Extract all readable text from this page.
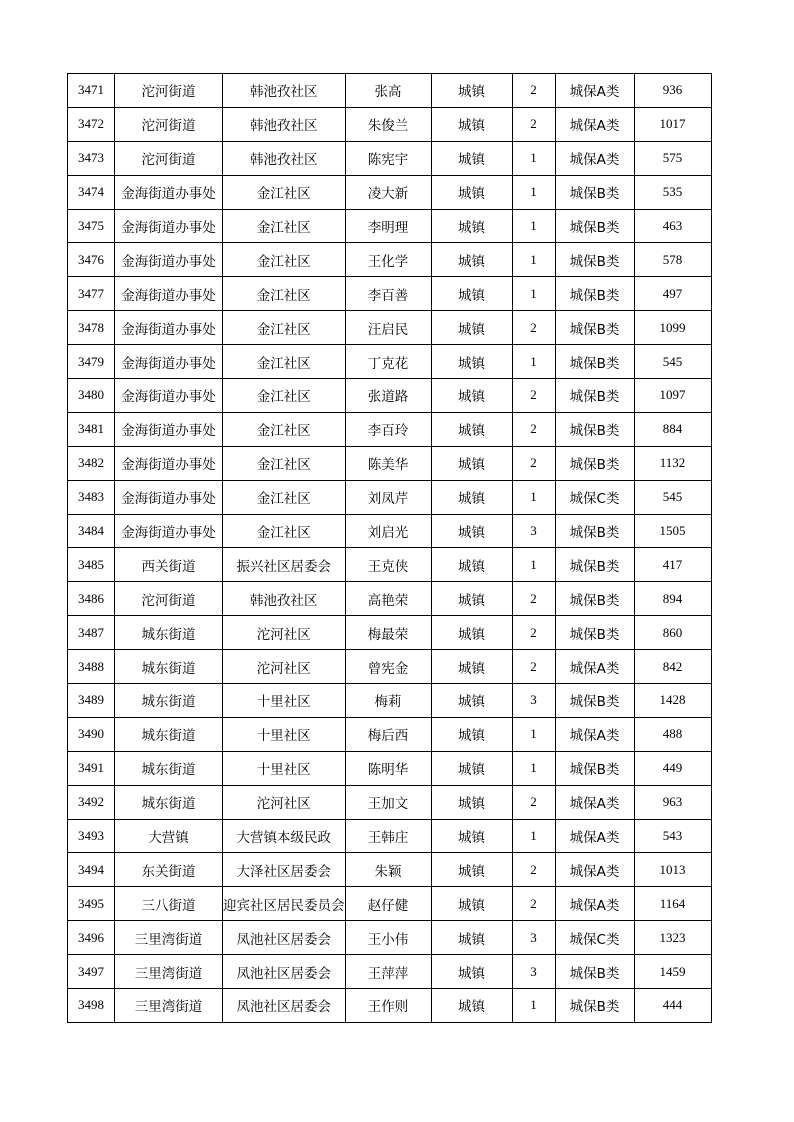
3471	沱河街道	韩池孜社区	张高	城镇	2	城保A类	936
3472	沱河街道	韩池孜社区	朱俊兰	城镇	2	城保A类	1017
3473	沱河街道	韩池孜社区	陈宪宇	城镇	1	城保A类	575
3474	金海街道办事处	金江社区	凌大新	城镇	1	城保B类	535
3475	金海街道办事处	金江社区	李明理	城镇	1	城保B类	463
3476	金海街道办事处	金江社区	王化学	城镇	1	城保B类	578
3477	金海街道办事处	金江社区	李百善	城镇	1	城保B类	497
3478	金海街道办事处	金江社区	汪启民	城镇	2	城保B类	1099
3479	金海街道办事处	金江社区	丁克花	城镇	1	城保B类	545
3480	金海街道办事处	金江社区	张道路	城镇	2	城保B类	1097
3481	金海街道办事处	金江社区	李百玲	城镇	2	城保B类	884
3482	金海街道办事处	金江社区	陈美华	城镇	2	城保B类	1132
3483	金海街道办事处	金江社区	刘凤芹	城镇	1	城保C类	545
3484	金海街道办事处	金江社区	刘启光	城镇	3	城保B类	1505
3485	西关街道	振兴社区居委会	王克侠	城镇	1	城保B类	417
3486	沱河街道	韩池孜社区	高艳荣	城镇	2	城保B类	894
3487	城东街道	沱河社区	梅最荣	城镇	2	城保B类	860
3488	城东街道	沱河社区	曾宪金	城镇	2	城保A类	842
3489	城东街道	十里社区	梅莉	城镇	3	城保B类	1428
3490	城东街道	十里社区	梅后西	城镇	1	城保A类	488
3491	城东街道	十里社区	陈明华	城镇	1	城保B类	449
3492	城东街道	沱河社区	王加文	城镇	2	城保A类	963
3493	大营镇	大营镇本级民政	王韩庄	城镇	1	城保A类	543
3494	东关街道	大泽社区居委会	朱颖	城镇	2	城保A类	1013
3495	三八街道	迎宾社区居民委员会	赵仔健	城镇	2	城保A类	1164
3496	三里湾街道	凤池社区居委会	王小伟	城镇	3	城保C类	1323
3497	三里湾街道	凤池社区居委会	王萍萍	城镇	3	城保B类	1459
3498	三里湾街道	凤池社区居委会	王作则	城镇	1	城保B类	444
